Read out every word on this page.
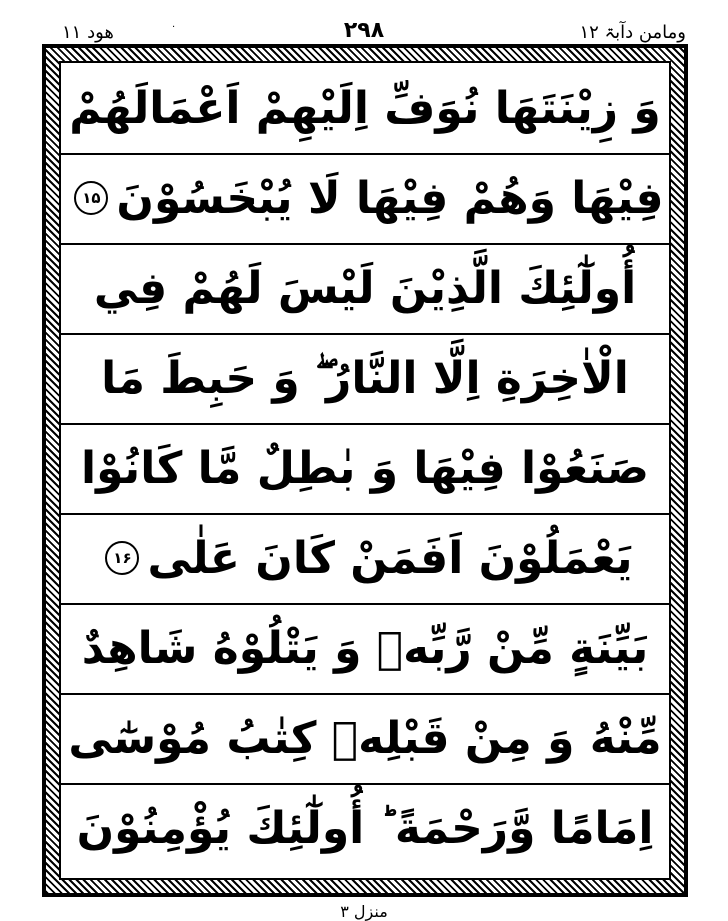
ومامن دآبۃ ۱۲
۲۹۸
·
ھود ۱۱
وَ زِيْنَتَهَا نُوَفِّ اِلَيْهِمْ اَعْمَالَهُمْ
فِيْهَا وَهُمْ فِيْهَا لَا يُبْخَسُوْنَ
۱۵
أُولٰٓئِكَ الَّذِيْنَ لَيْسَ لَهُمْ فِي
الْاٰخِرَةِ اِلَّا النَّارُ ۖ وَ حَبِطَ مَا
صَنَعُوْا فِيْهَا وَ بٰطِلٌ مَّا كَانُوْا
يَعْمَلُوْنَ اَفَمَنْ كَانَ عَلٰى
۱۶
بَيِّنَةٍ مِّنْ رَّبِّهٖ وَ يَتْلُوْهُ شَاهِدٌ
مِّنْهُ وَ مِنْ قَبْلِهٖ كِتٰبُ مُوْسٰٓى
اِمَامًا وَّرَحْمَةً ؕ أُولٰٓئِكَ يُؤْمِنُوْنَ
منزل ۳
